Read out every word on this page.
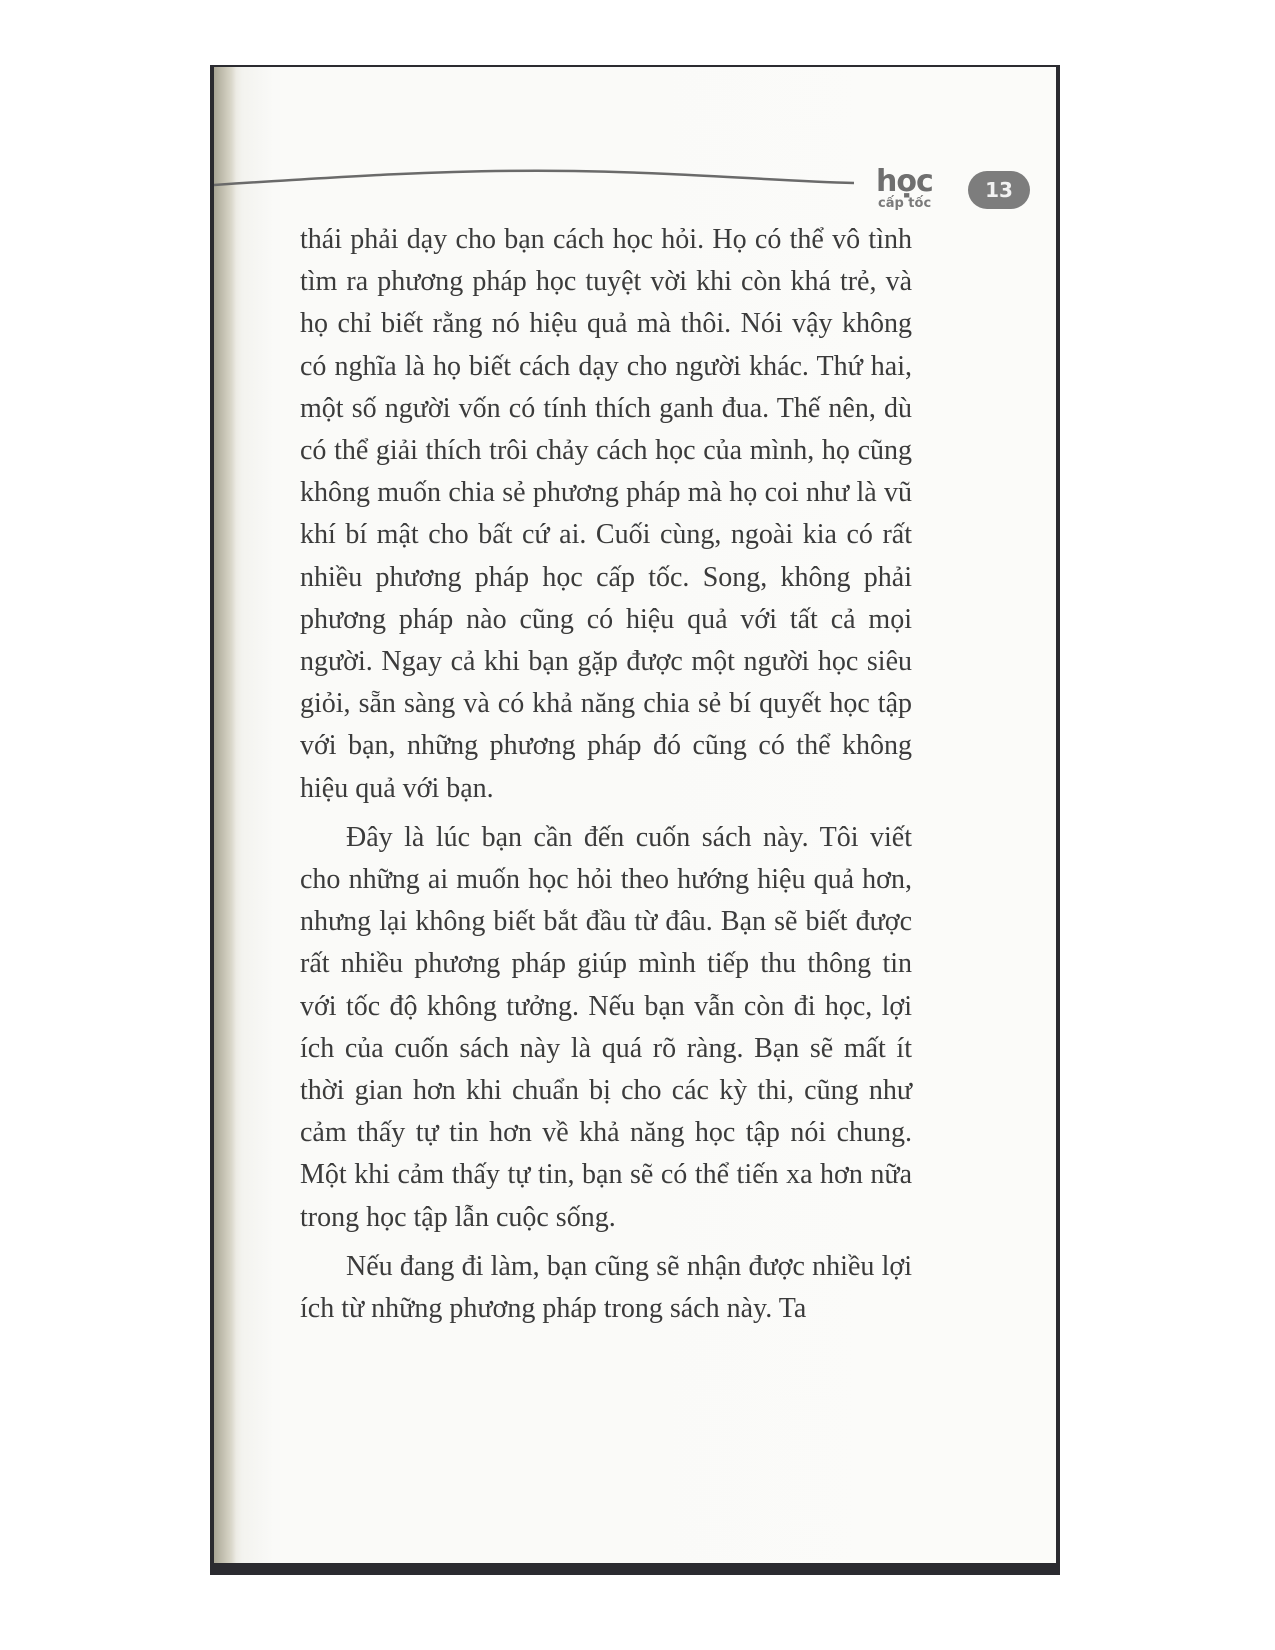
học
cấp tốc
13

thái phải dạy cho bạn cách học hỏi. Họ có thể vô tình tìm ra phương pháp học tuyệt vời khi còn khá trẻ, và họ chỉ biết rằng nó hiệu quả mà thôi. Nói vậy không có nghĩa là họ biết cách dạy cho người khác. Thứ hai, một số người vốn có tính thích ganh đua. Thế nên, dù có thể giải thích trôi chảy cách học của mình, họ cũng không muốn chia sẻ phương pháp mà họ coi như là vũ khí bí mật cho bất cứ ai. Cuối cùng, ngoài kia có rất nhiều phương pháp học cấp tốc. Song, không phải phương pháp nào cũng có hiệu quả với tất cả mọi người. Ngay cả khi bạn gặp được một người học siêu giỏi, sẵn sàng và có khả năng chia sẻ bí quyết học tập với bạn, những phương pháp đó cũng có thể không hiệu quả với bạn.

Đây là lúc bạn cần đến cuốn sách này. Tôi viết cho những ai muốn học hỏi theo hướng hiệu quả hơn, nhưng lại không biết bắt đầu từ đâu. Bạn sẽ biết được rất nhiều phương pháp giúp mình tiếp thu thông tin với tốc độ không tưởng. Nếu bạn vẫn còn đi học, lợi ích của cuốn sách này là quá rõ ràng. Bạn sẽ mất ít thời gian hơn khi chuẩn bị cho các kỳ thi, cũng như cảm thấy tự tin hơn về khả năng học tập nói chung. Một khi cảm thấy tự tin, bạn sẽ có thể tiến xa hơn nữa trong học tập lẫn cuộc sống.

Nếu đang đi làm, bạn cũng sẽ nhận được nhiều lợi ích từ những phương pháp trong sách này. Ta
